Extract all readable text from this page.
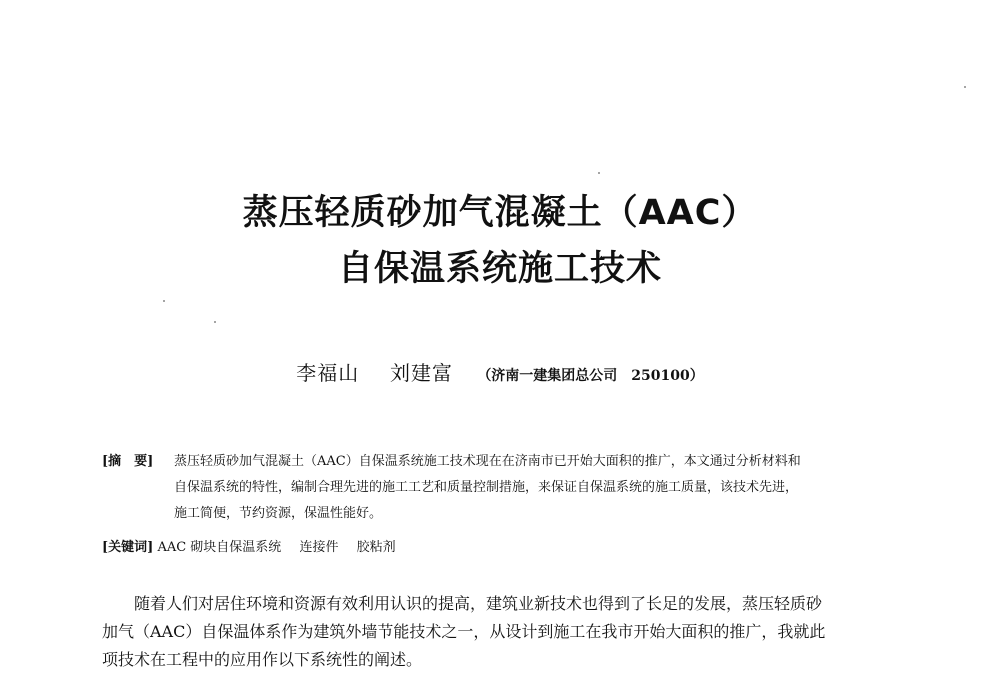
蒸压轻质砂加气混凝土（AAC）
自保温系统施工技术
李福山 刘建富 （济南一建集团总公司　250100）
[摘　要]	蒸压轻质砂加气混凝土（AAC）自保温系统施工技术现在在济南市已开始大面积的推广，本文通过分析材料和
自保温系统的特性，编制合理先进的施工工艺和质量控制措施，来保证自保温系统的施工质量，该技术先进，
施工简便，节约资源，保温性能好。
[关键词] AAC 砌块自保温系统 连接件 胶粘剂
随着人们对居住环境和资源有效利用认识的提高，建筑业新技术也得到了长足的发展，蒸压轻质砂
加气（AAC）自保温体系作为建筑外墙节能技术之一，从设计到施工在我市开始大面积的推广，我就此
项技术在工程中的应用作以下系统性的阐述。
